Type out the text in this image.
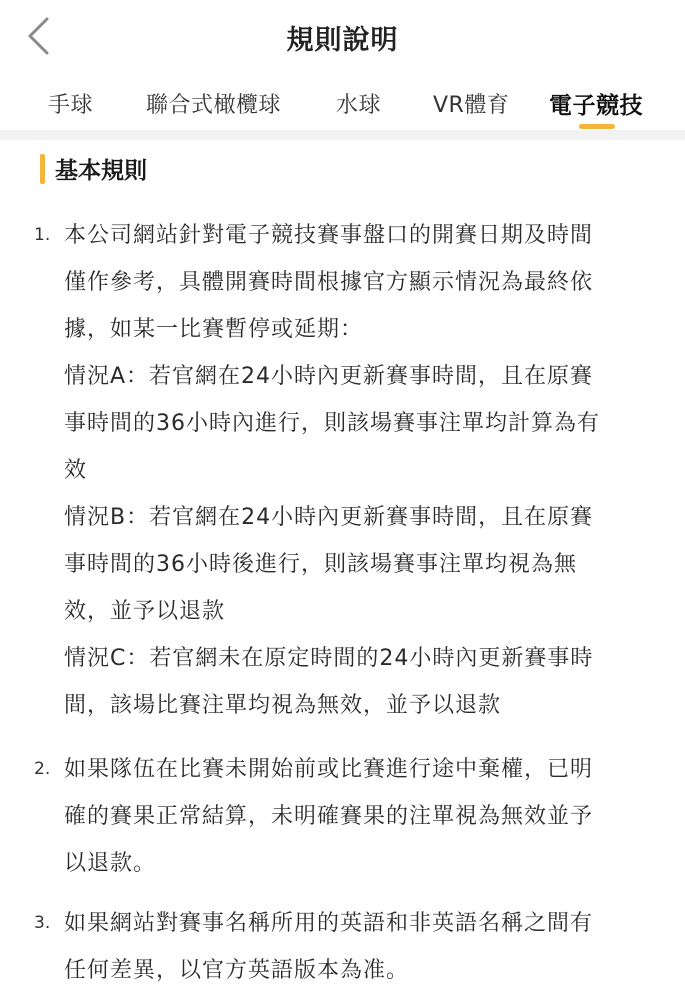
規則說明
手球 聯合式橄欖球 水球 VR體育 電子競技
基本規則
1. 本公司網站針對電子競技賽事盤口的開賽日期及時間
僅作參考，具體開賽時間根據官方顯示情況為最終依
據，如某一比賽暫停或延期：
情況A：若官網在24小時內更新賽事時間，且在原賽
事時間的36小時內進行，則該場賽事注單均計算為有
效
情況B：若官網在24小時內更新賽事時間，且在原賽
事時間的36小時後進行，則該場賽事注單均視為無
效，並予以退款
情況C：若官網未在原定時間的24小時內更新賽事時
間，該場比賽注單均視為無效，並予以退款
2. 如果隊伍在比賽未開始前或比賽進行途中棄權，已明
確的賽果正常結算，未明確賽果的注單視為無效並予
以退款。
3. 如果網站對賽事名稱所用的英語和非英語名稱之間有
任何差異，以官方英語版本為准。
